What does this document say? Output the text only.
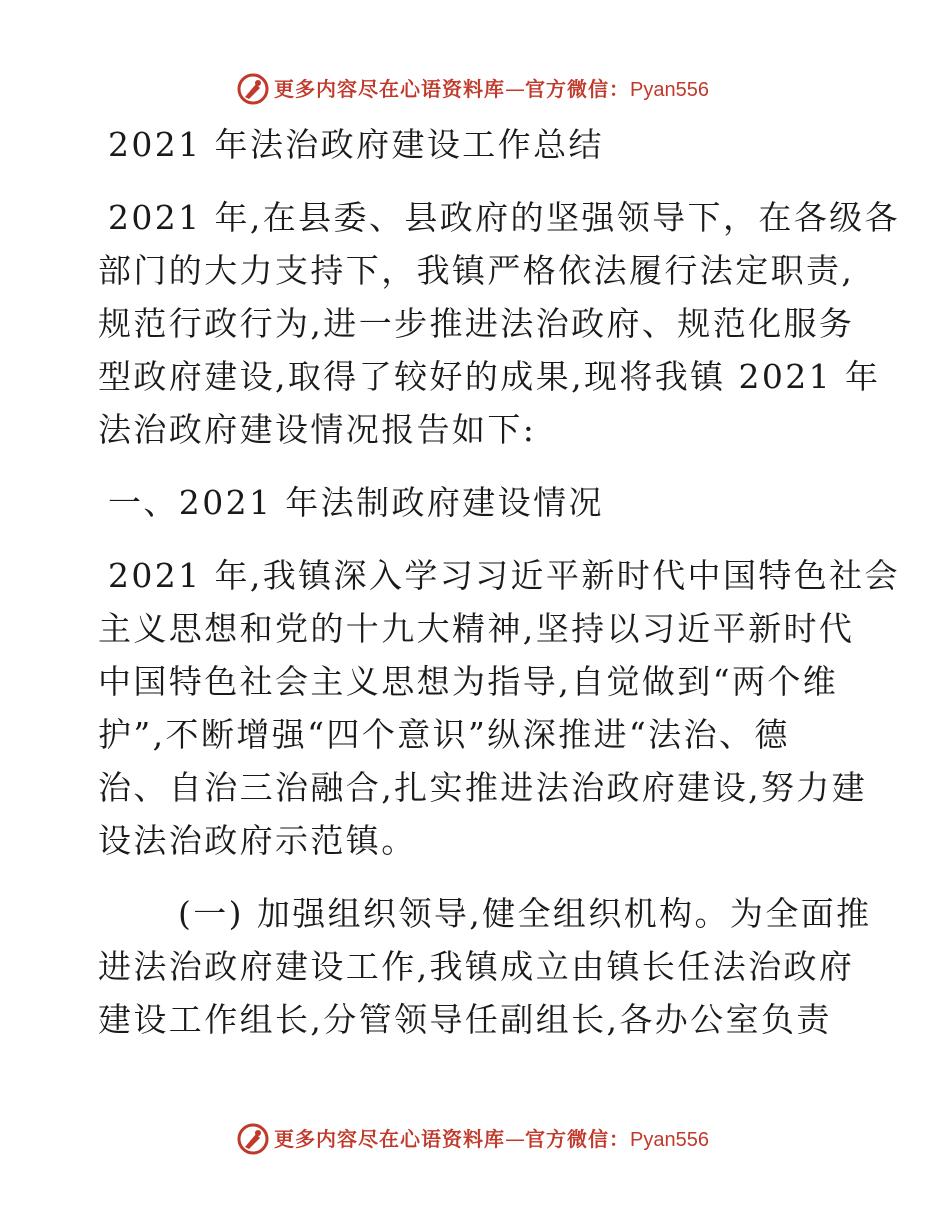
更多内容尽在心语资料库—官方微信：Pyan556
2021 年法治政府建设工作总结
2021 年,在县委、县政府的坚强领导下，在各级各
部门的大力支持下，我镇严格依法履行法定职责,
规范行政行为,进一步推进法治政府、规范化服务
型政府建设,取得了较好的成果,现将我镇 2021 年
法治政府建设情况报告如下:
一、2021 年法制政府建设情况
2021 年,我镇深入学习习近平新时代中国特色社会
主义思想和党的十九大精神,坚持以习近平新时代
中国特色社会主义思想为指导,自觉做到“两个维
护”,不断增强“四个意识”纵深推进“法治、德
治、自治三治融合,扎实推进法治政府建设,努力建
设法治政府示范镇。
(一) 加强组织领导,健全组织机构。为全面推
进法治政府建设工作,我镇成立由镇长任法治政府
建设工作组长,分管领导任副组长,各办公室负责
更多内容尽在心语资料库—官方微信：Pyan556
